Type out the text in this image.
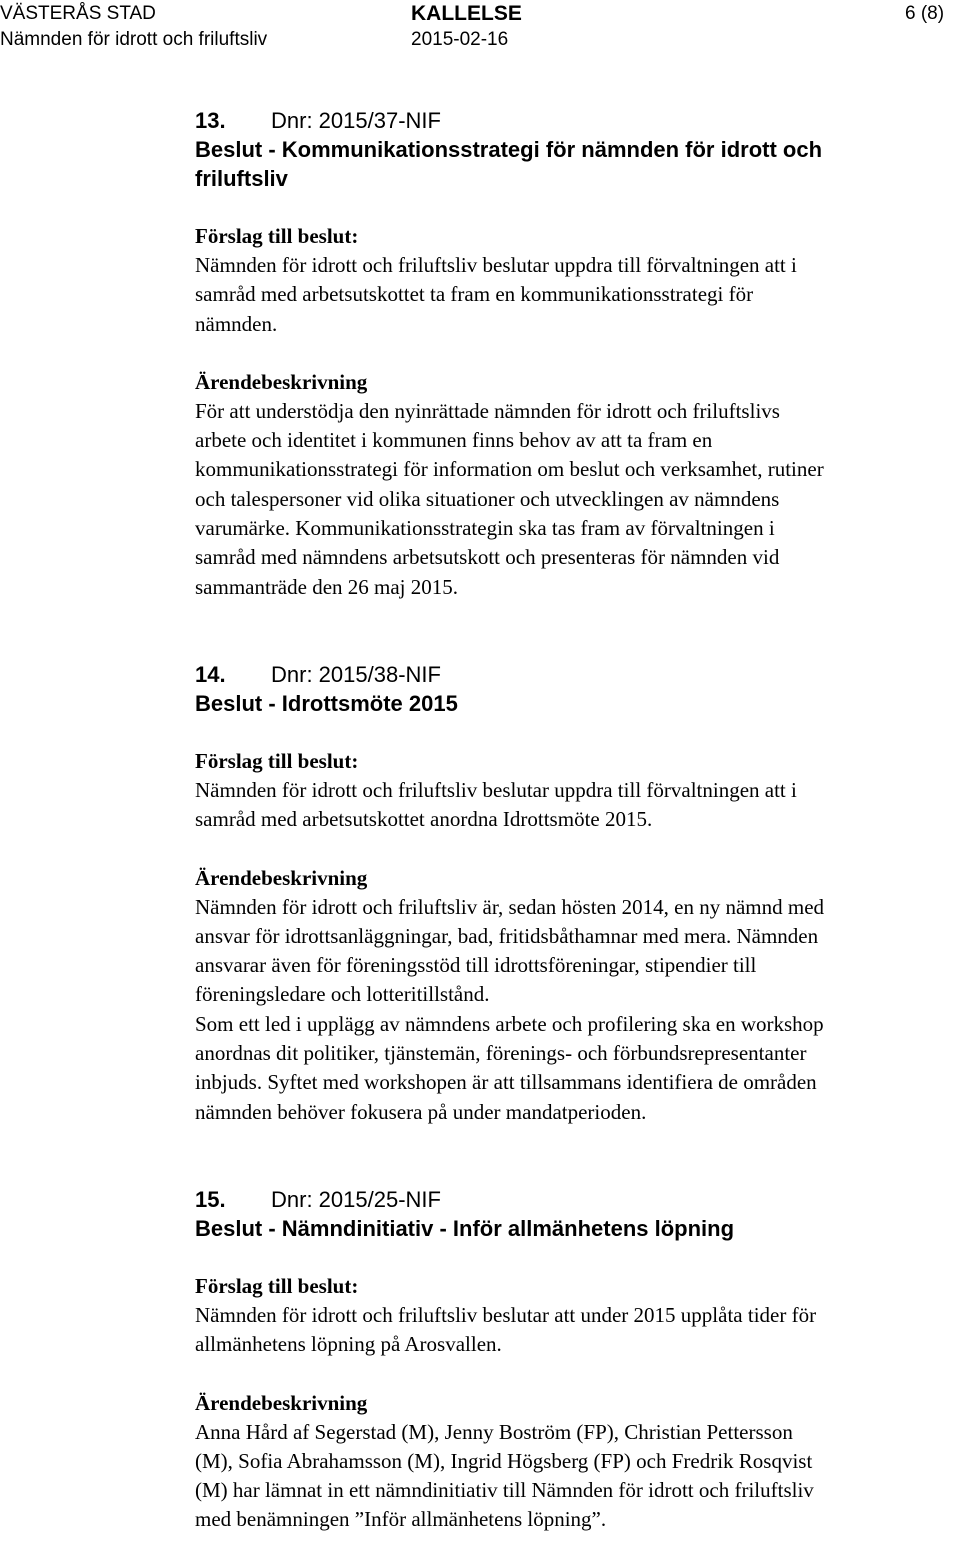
VÄSTERÅS STAD
Nämnden för idrott och friluftsliv
KALLELSE
2015-02-16
6 (8)
13. Dnr: 2015/37-NIF

Beslut - Kommunikationsstrategi för nämnden för idrott och

friluftsliv

Förslag till beslut:

Nämnden för idrott och friluftsliv beslutar uppdra till förvaltningen att i

samråd med arbetsutskottet ta fram en kommunikationsstrategi för

nämnden.

Ärendebeskrivning

För att understödja den nyinrättade nämnden för idrott och friluftslivs

arbete och identitet i kommunen finns behov av att ta fram en

kommunikationsstrategi för information om beslut och verksamhet, rutiner

och talespersoner vid olika situationer och utvecklingen av nämndens

varumärke. Kommunikationsstrategin ska tas fram av förvaltningen i

samråd med nämndens arbetsutskott och presenteras för nämnden vid

sammanträde den 26 maj 2015.

14. Dnr: 2015/38-NIF

Beslut - Idrottsmöte 2015

Förslag till beslut:

Nämnden för idrott och friluftsliv beslutar uppdra till förvaltningen att i

samråd med arbetsutskottet anordna Idrottsmöte 2015.

Ärendebeskrivning

Nämnden för idrott och friluftsliv är, sedan hösten 2014, en ny nämnd med

ansvar för idrottsanläggningar, bad, fritidsbåthamnar med mera. Nämnden

ansvarar även för föreningsstöd till idrottsföreningar, stipendier till

föreningsledare och lotteritillstånd.

Som ett led i upplägg av nämndens arbete och profilering ska en workshop

anordnas dit politiker, tjänstemän, förenings- och förbundsrepresentanter

inbjuds. Syftet med workshopen är att tillsammans identifiera de områden

nämnden behöver fokusera på under mandatperioden.

15. Dnr: 2015/25-NIF

Beslut - Nämndinitiativ - Inför allmänhetens löpning

Förslag till beslut:

Nämnden för idrott och friluftsliv beslutar att under 2015 upplåta tider för

allmänhetens löpning på Arosvallen.

Ärendebeskrivning

Anna Hård af Segerstad (M), Jenny Boström (FP), Christian Pettersson

(M), Sofia Abrahamsson (M), Ingrid Högsberg (FP) och Fredrik Rosqvist

(M) har lämnat in ett nämndinitiativ till Nämnden för idrott och friluftsliv

med benämningen ”Inför allmänhetens löpning”.
